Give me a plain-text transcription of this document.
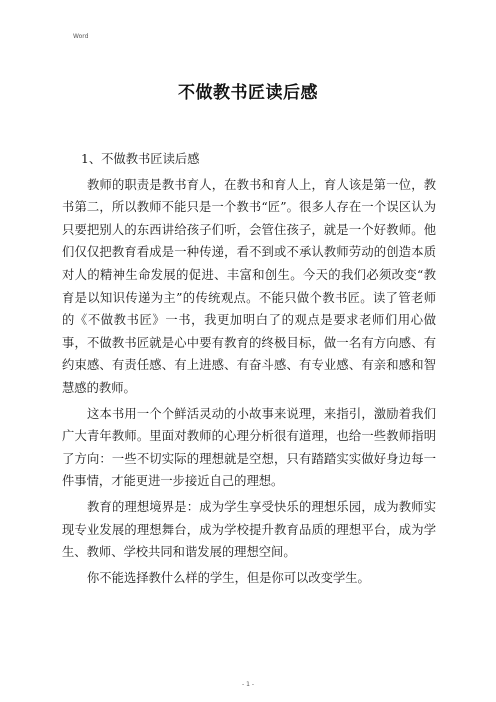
Word
不做教书匠读后感

1、不做教书匠读后感

教师的职责是教书育人，在教书和育人上，育人该是第一位，教书第二，所以教师不能只是一个教书“匠”。很多人存在一个误区认为只要把别人的东西讲给孩子们听，会管住孩子，就是一个好教师。他们仅仅把教育看成是一种传递，看不到或不承认教师劳动的创造本质对人的精神生命发展的促进、丰富和创生。今天的我们必须改变“教育是以知识传递为主”的传统观点。不能只做个教书匠。读了管老师的《不做教书匠》一书，我更加明白了的观点是要求老师们用心做事，不做教书匠就是心中要有教育的终极目标，做一名有方向感、有约束感、有责任感、有上进感、有奋斗感、有专业感、有亲和感和智慧感的教师。

这本书用一个个鲜活灵动的小故事来说理，来指引，激励着我们广大青年教师。里面对教师的心理分析很有道理，也给一些教师指明了方向：一些不切实际的理想就是空想，只有踏踏实实做好身边每一件事情，才能更进一步接近自己的理想。

教育的理想境界是：成为学生享受快乐的理想乐园，成为教师实现专业发展的理想舞台，成为学校提升教育品质的理想平台，成为学生、教师、学校共同和谐发展的理想空间。

你不能选择教什么样的学生，但是你可以改变学生。

- 1 -
